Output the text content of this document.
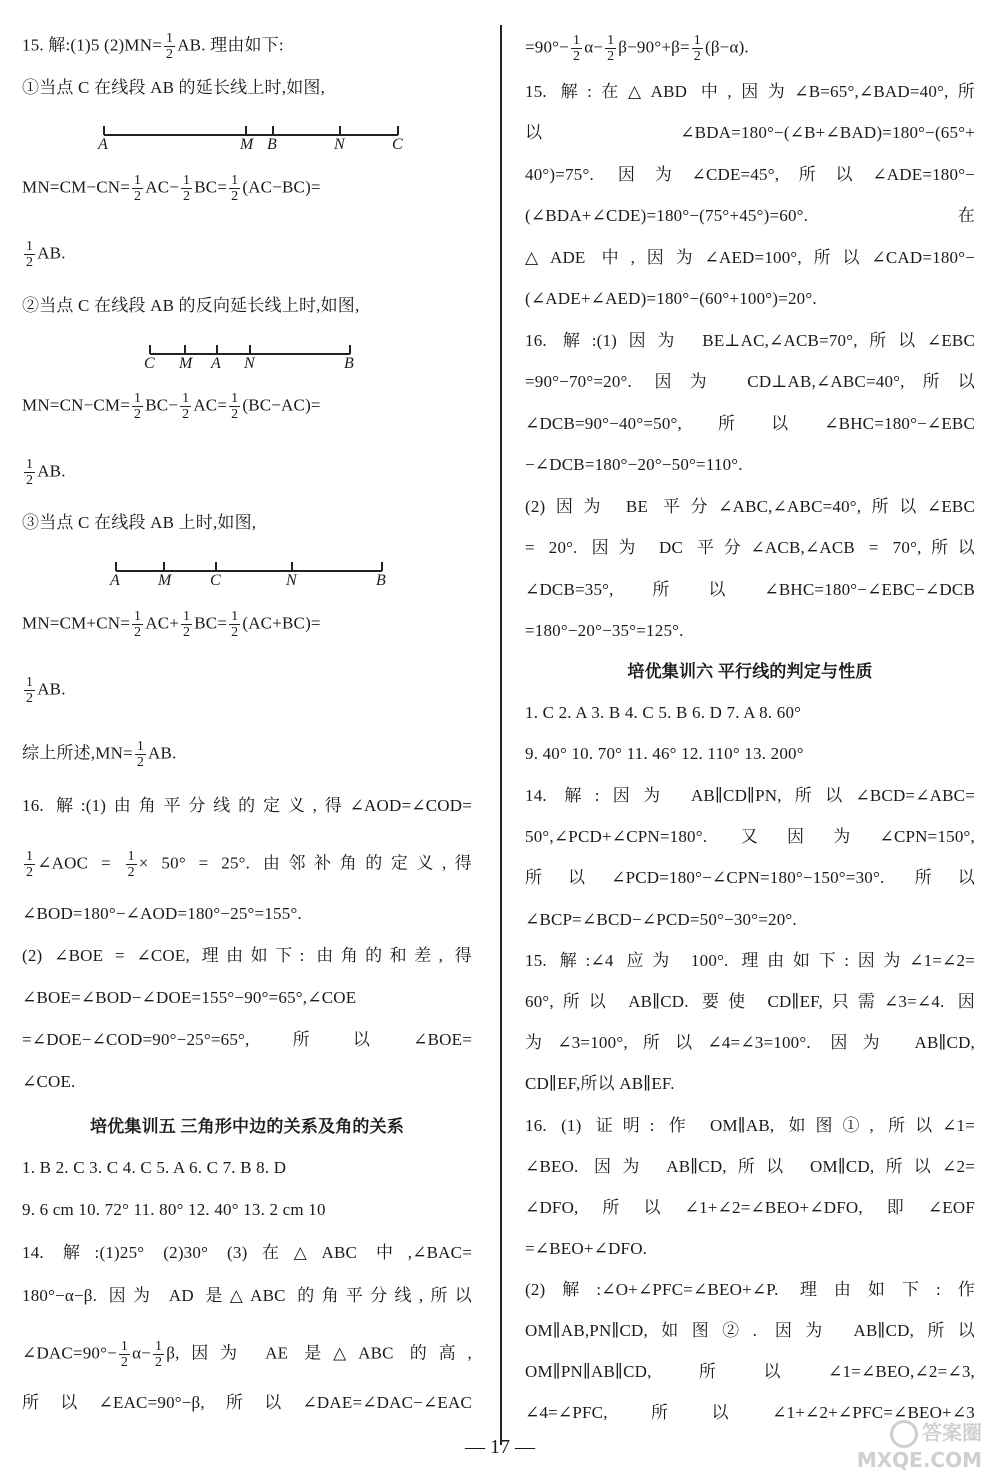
15. 解:(1)5 $(2)MN= \frac{1}{2}$ AB. 理由如下:
①当点 C 在线段 AB 的延长线上时,如图,
$MN=CM-CN= \frac{1}{2} AC- \frac{1}{2} BC= \frac{1}{2} (AC-BC)=$
$\frac{1}{2}$ AB.
②当点 C 在线段 AB 的反向延长线上时,如图,
$MN=CN-CM= \frac{1}{2} BC- \frac{1}{2} AC= \frac{1}{2} (BC-AC)=$
$\frac{1}{2}$ AB.
③当点 C 在线段 AB 上时,如图,
$MN=CM+CN= \frac{1}{2} AC+ \frac{1}{2} BC= \frac{1}{2} (AC+BC)=$
$\frac{1}{2}$ AB.
综上所述$,MN= \frac{1}{2}$ AB.
16. 解:(1)由角平分线的定义,得∠AOD=∠COD=
$\frac{1}{2}$ ∠AOC = $\frac{1}{2} \times 50^\circ = 25^\circ$. 由邻补角的定义,得
∠BOD=180°−∠AOD=180°−25°=155°.
(2) ∠BOE = ∠COE, 理由如下: 由角的和差, 得
∠BOE=∠BOD−∠DOE=155°−90°=65°,∠COE
=∠DOE−∠COD=90°−25°=65°,所以∠BOE=
∠COE.
培优集训五 三角形中边的关系及角的关系
1. B 2. C 3. C 4. C 5. A 6. C 7. B 8. D
9. 6 cm 10. 72° 11. 80° 12. 40° 13. 2 cm 10
14. 解:(1)25° (2)30° (3)在△ABC 中,∠BAC=
180°−α−β. 因为 AD 是△ABC 的角平分线,所以
∠DAC=90°− $\frac{1}{2} \alpha- \frac{1}{2} \beta$,因为 AE 是△ABC 的高,
所以∠EAC=90°−β,所以∠DAE=∠DAC−∠EAC
$=90^\circ- \frac{1}{2} \alpha- \frac{1}{2} \beta-90^\circ+\beta= \frac{1}{2} (\beta-\alpha)$.
15. 解:在△ABD 中,因为∠B=65°,∠BAD=40°,所
以∠BDA=180°−(∠B+∠BAD)=180°−(65°+
40°)=75°. 因为∠CDE=45°,所以∠ADE=180°−
(∠BDA+∠CDE)=180°−(75°+45°)=60°. 在
△ADE 中,因为∠AED=100°,所以∠CAD=180°−
(∠ADE+∠AED)=180°−(60°+100°)=20°.
16. 解:(1)因为 BE⊥AC,∠ACB=70°,所以∠EBC
=90°−70°=20°. 因为 CD⊥AB,∠ABC=40°,所以
∠DCB=90°−40°=50°,所以∠BHC=180°−∠EBC
−∠DCB=180°−20°−50°=110°.
(2)因为 BE 平分∠ABC,∠ABC=40°,所以∠EBC
= 20°. 因为 DC 平分∠ACB,∠ACB = 70°,所以
∠DCB=35°,所以∠BHC=180°−∠EBC−∠DCB
=180°−20°−35°=125°.
培优集训六 平行线的判定与性质
1. C 2. A 3. B 4. C 5. B 6. D 7. A 8. 60°
9. 40° 10. 70° 11. 46° 12. 110° 13. 200°
14. 解:因为 AB∥CD∥PN,所以∠BCD=∠ABC=
50°,∠PCD+∠CPN=180°. 又因为∠CPN=150°,
所以∠PCD=180°−∠CPN=180°−150°=30°. 所以
∠BCP=∠BCD−∠PCD=50°−30°=20°.
15. 解:∠4 应为 100°. 理由如下:因为∠1=∠2=
60°,所以 AB∥CD. 要使 CD∥EF,只需∠3=∠4. 因
为∠3=100°,所以∠4=∠3=100°. 因为 AB∥CD,
CD∥EF,所以 AB∥EF.
16. (1) 证明: 作 OM∥AB, 如图①, 所以∠1=
∠BEO. 因为 AB∥CD,所以 OM∥CD,所以∠2=
∠DFO,所以∠1+∠2=∠BEO+∠DFO,即∠EOF
=∠BEO+∠DFO.
(2)解:∠O+∠PFC=∠BEO+∠P. 理由如下:作
OM∥AB,PN∥CD,如图②. 因为 AB∥CD,所以
OM∥PN∥AB∥CD,所以∠1=∠BEO,∠2=∠3,
∠4=∠PFC,所以∠1+∠2+∠PFC=∠BEO+∠3
A	M B	N	C
C M A N	B
A M C	N	B
— 17 —
答案圈
MXQE.COM
